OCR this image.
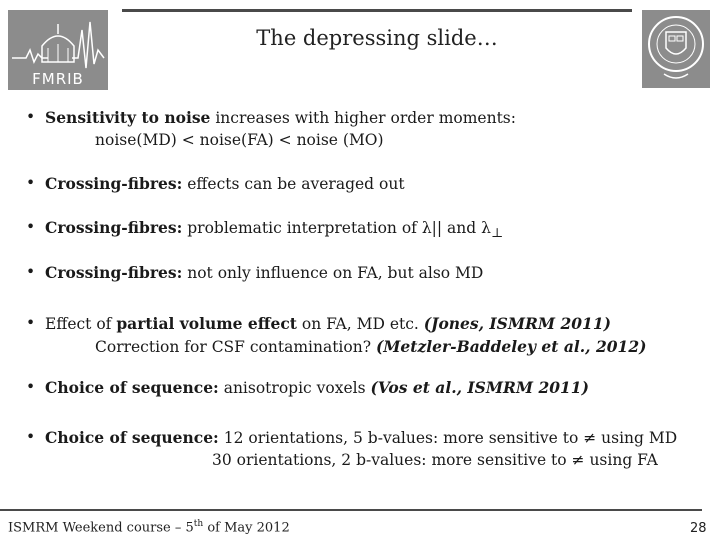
FMRIB
The depressing slide…
• Sensitivity to noise increases with higher order moments:
noise(MD) < noise(FA) < noise (MO)
• Crossing-fibres: effects can be averaged out
• Crossing-fibres: problematic interpretation of λ|| and $\lambda_\perp$
• Crossing-fibres: not only influence on FA, but also MD
• Effect of partial volume effect on FA, MD etc. (Jones, ISMRM 2011)
Correction for CSF contamination? (Metzler-Baddeley et al., 2012)
• Choice of sequence: anisotropic voxels (Vos et al., ISMRM 2011)
• Choice of sequence: 12 orientations, 5 b-values: more sensitive to ≠ using MD
30 orientations, 2 b-values: more sensitive to ≠ using FA
ISMRM Weekend course – 5th of May 2012	28
